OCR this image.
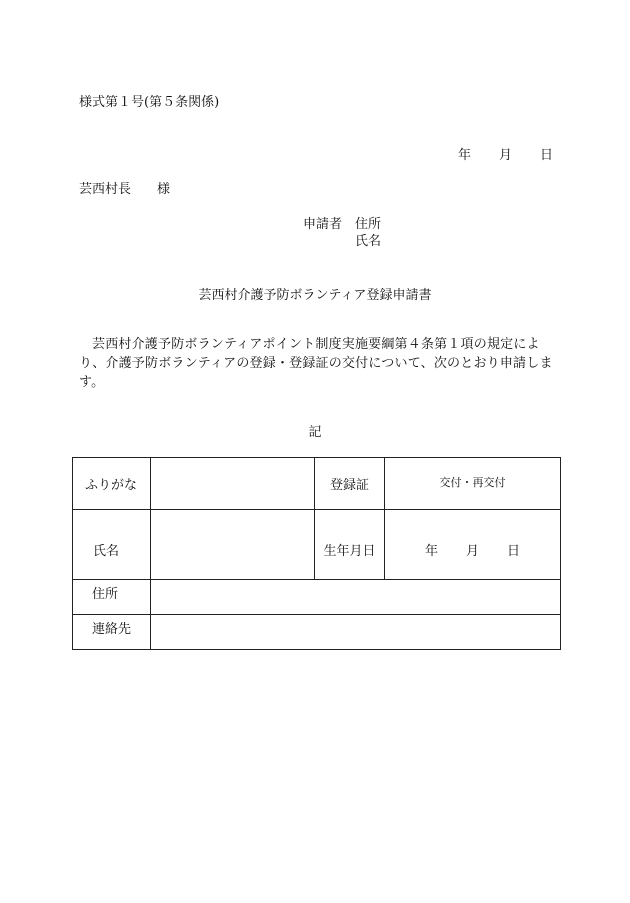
様式第１号(第５条関係)
年 月 日
芸西村長　　様
申請者 住所
氏名
芸西村介護予防ボランティア登録申請書
芸西村介護予防ボランティアポイント制度実施要綱第４条第１項の規定により、介護予防ボランティアの登録・登録証の交付について、次のとおり申請します。
記
ふりがな		登録証	交付・再交付
氏名		生年月日	年 月 日
住所			
連絡先			
